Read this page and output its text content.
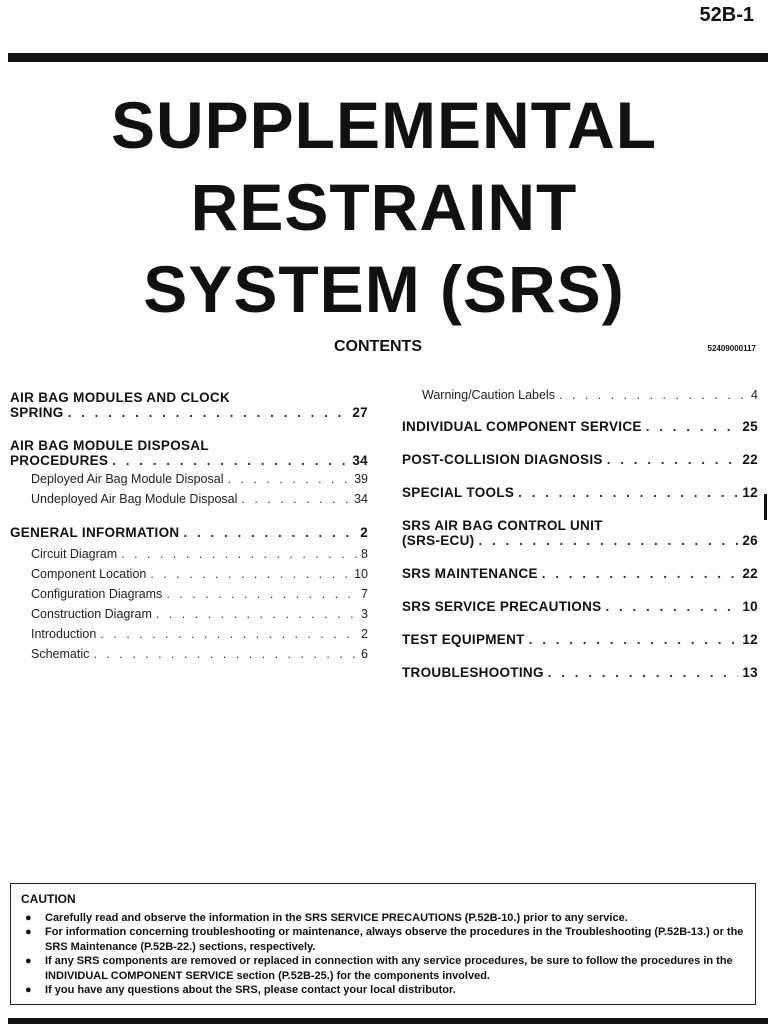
52B-1
SUPPLEMENTAL
RESTRAINT
SYSTEM (SRS)
CONTENTS	52409000117
AIR BAG MODULES AND CLOCK
SPRING . . .	27
AIR BAG MODULE DISPOSAL
PROCEDURES . . .	34
Deployed Air Bag Module Disposal . . .	39
Undeployed Air Bag Module Disposal . . .	34
GENERAL INFORMATION . . .	2
Circuit Diagram . . .	8
Component Location . . .	10
Configuration Diagrams . . .	7
Construction Diagram . . .	3
Introduction . . .	2
Schematic . . .	6
Warning/Caution Labels . . .	4
INDIVIDUAL COMPONENT SERVICE . . .	25
POST-COLLISION DIAGNOSIS . . .	22
SPECIAL TOOLS . . .	12
SRS AIR BAG CONTROL UNIT
(SRS-ECU) . . .	26
SRS MAINTENANCE . . .	22
SRS SERVICE PRECAUTIONS . . .	10
TEST EQUIPMENT . . .	12
TROUBLESHOOTING . . .	13
CAUTION
● Carefully read and observe the information in the SRS SERVICE PRECAUTIONS (P.52B-10.) prior to any service.
● For information concerning troubleshooting or maintenance, always observe the procedures in the Troubleshooting (P.52B-13.) or the SRS Maintenance (P.52B-22.) sections, respectively.
● If any SRS components are removed or replaced in connection with any service procedures, be sure to follow the procedures in the INDIVIDUAL COMPONENT SERVICE section (P.52B-25.) for the components involved.
● If you have any questions about the SRS, please contact your local distributor.
